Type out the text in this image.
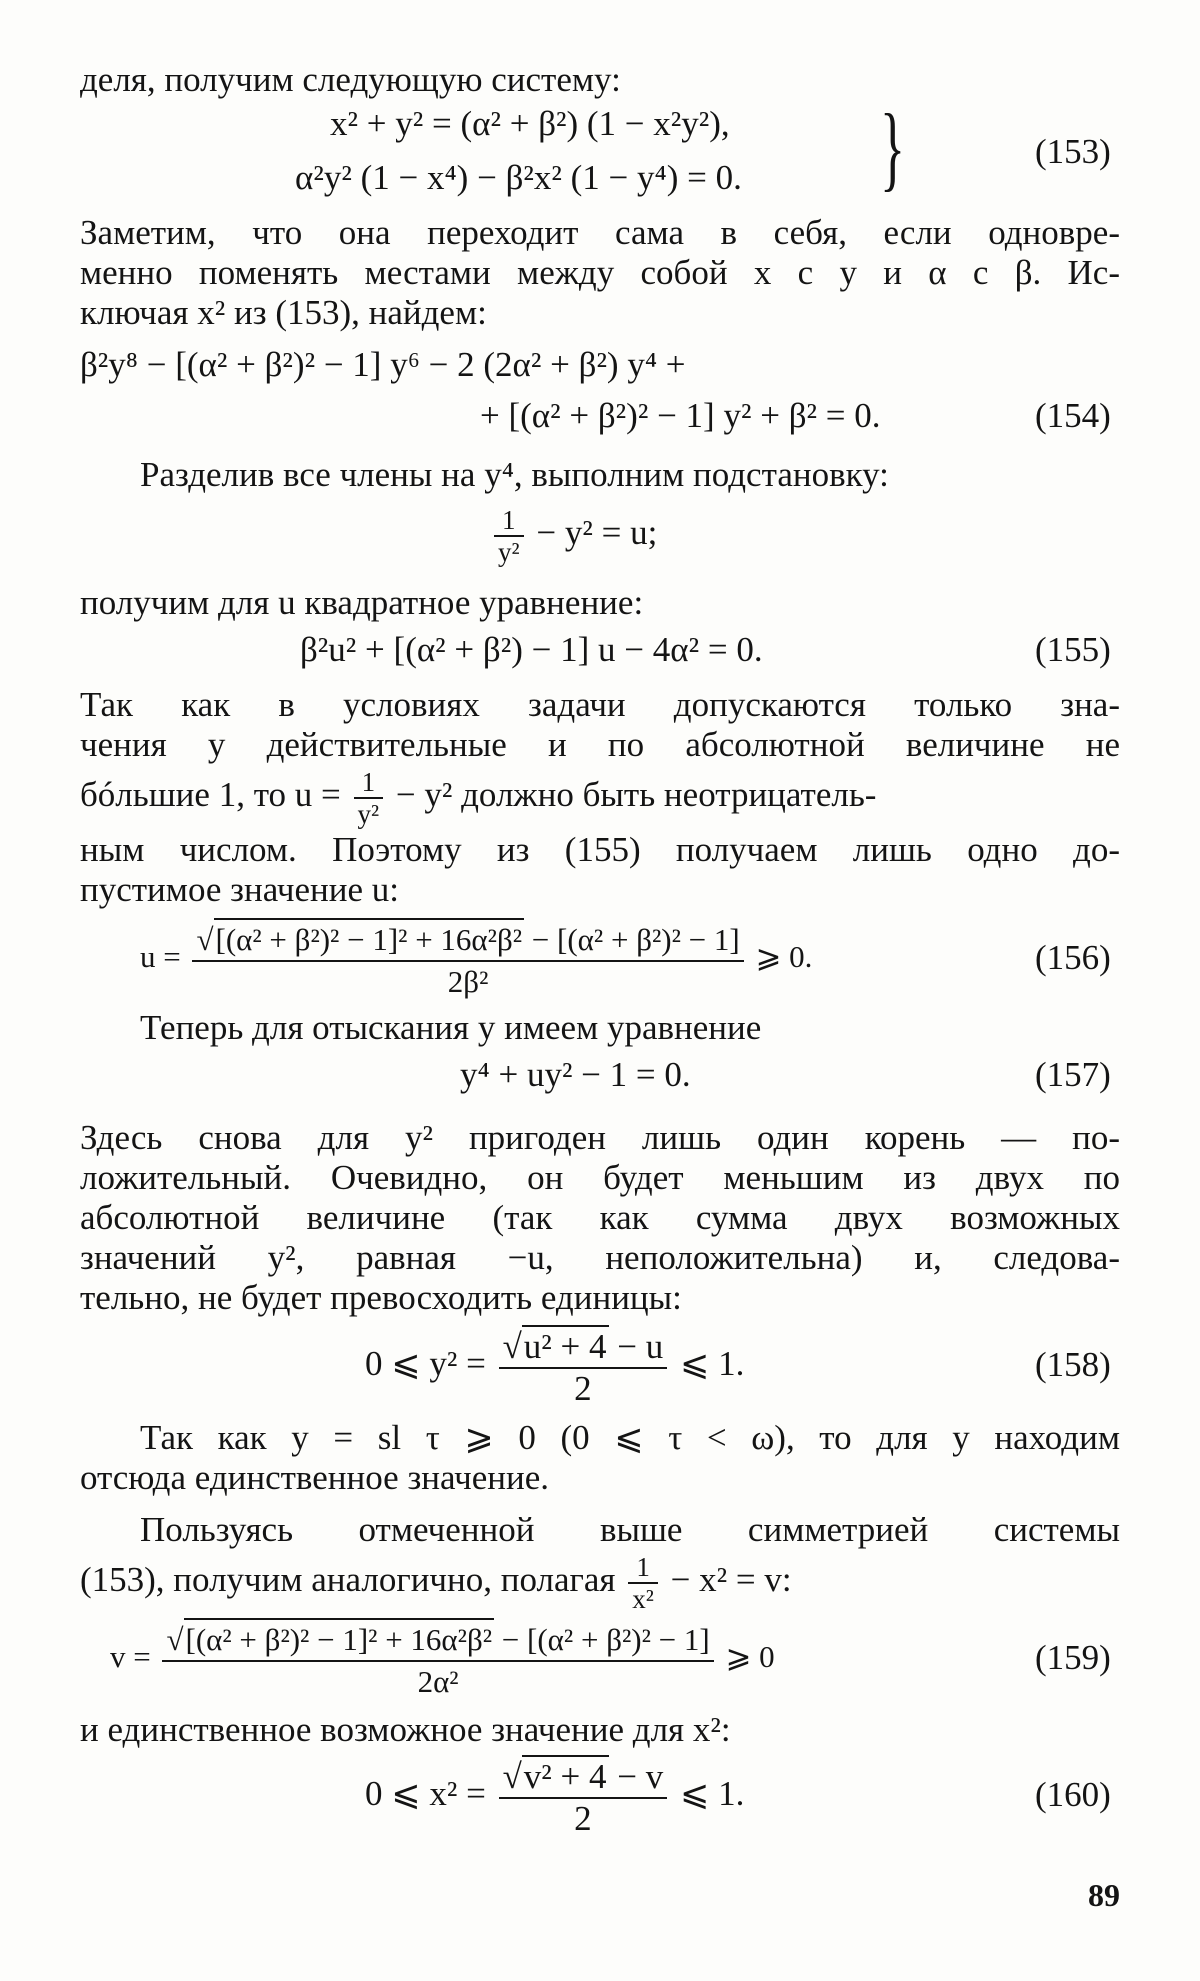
деля, получим следующую систему:
x² + y² = (α² + β²) (1 − x²y²),
α²y² (1 − x⁴) − β²x² (1 − y⁴) = 0. }	(153)
Заметим, что она переходит сама в себя, если одновре-
менно поменять местами между собой x с y и α с β. Ис-
ключая x² из (153), найдем:
β²y⁸ − [(α² + β²)² − 1] y⁶ − 2 (2α² + β²) y⁴ +
+ [(α² + β²)² − 1] y² + β² = 0.	(154)
Разделив все члены на y⁴, выполним подстановку:
$\frac{1}{\text{y²}} - y^2 = u$;
получим для u квадратное уравнение:
β²u² + [(α² + β²) − 1] u − 4α² = 0.	(155)
Так как в условиях задачи допускаются только зна-
чения y действительные и по абсолютной величине не
бóльшие 1, то $u = \frac{1}{\text{y²}} - y^2$ должно быть неотрицатель-
ным числом. Поэтому из (155) получаем лишь одно до-
пустимое значение u:
$u = \frac{\text{√[(α² + β²)² − 1]² + 16α²β² − [(α² + β²)² − 1]}}{\text{2β²}}$ ⩾ 0.	(156)
Теперь для отыскания y имеем уравнение
y⁴ + uy² − 1 = 0.	(157)
Здесь снова для y² пригоден лишь один корень — по-
ложительный. Очевидно, он будет меньшим из двух по
абсолютной величине (так как сумма двух возможных
значений y², равная −u, неположительна) и, следова-
тельно, не будет превосходить единицы:
0 ⩽ $y^2 = \frac{\text{√u² + 4 − u}}{2}$ ⩽ 1.	(158)
Так как y = sl τ ⩾ 0 (0 ⩽ τ < ω), то для y находим
отсюда единственное значение.
Пользуясь отмеченной выше симметрией системы
(153), получим аналогично, полагая $\frac{1}{\text{x²}} - x^2 = v$:
$v = \frac{\text{√[(α² + β²)² − 1]² + 16α²β² − [(α² + β²)² − 1]}}{\text{2α²}}$ ⩾ 0	(159)
и единственное возможное значение для x²:
0 ⩽ $x^2 = \frac{\text{√v² + 4 − v}}{2}$ ⩽ 1.	(160)
89
